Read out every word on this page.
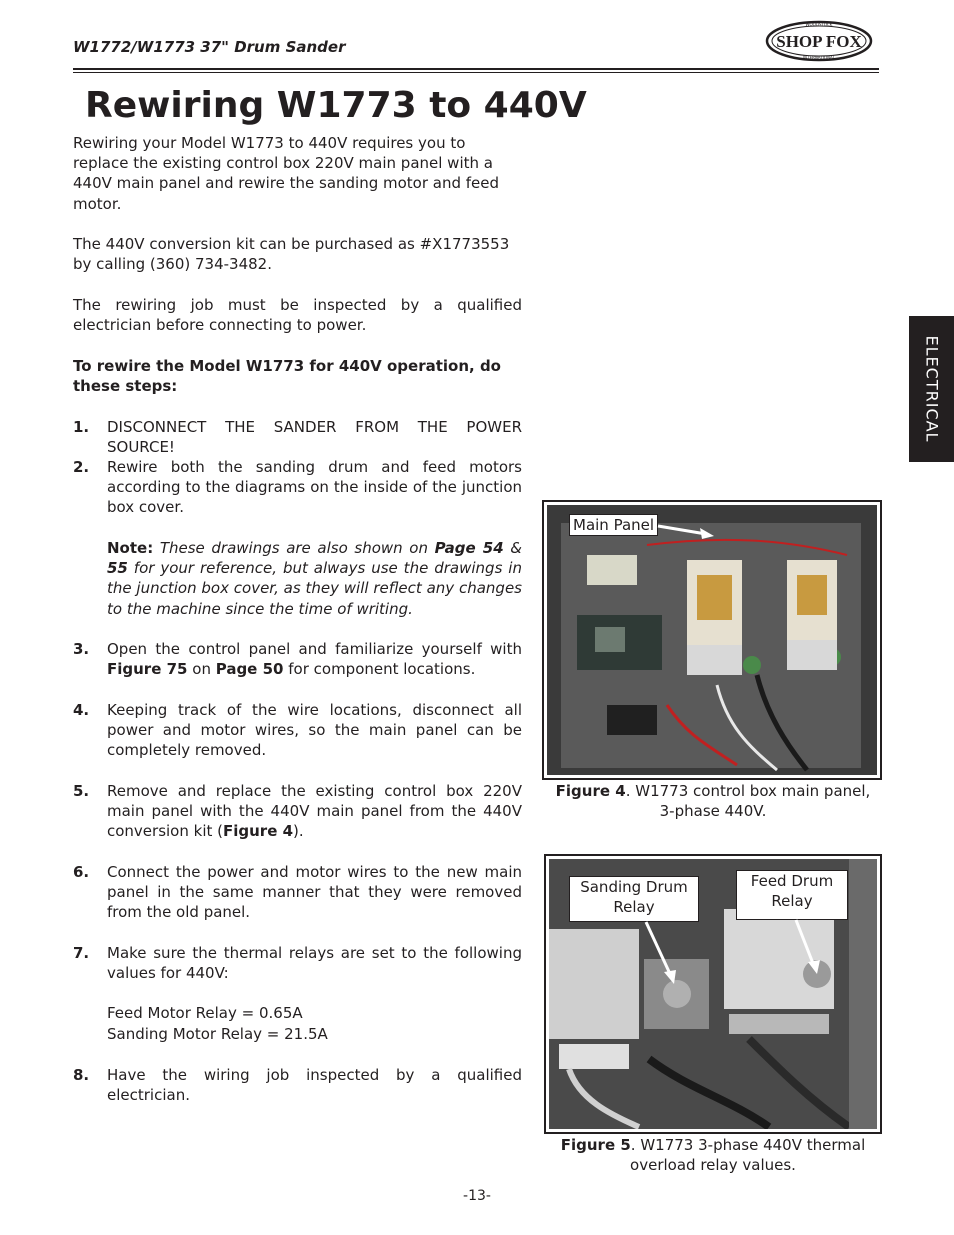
W1772/W1773 37" Drum Sander	SHOP FOX
WOODSTOCK
INTERNATIONAL
Rewiring W1773 to 440V
ELECTRICAL

Rewiring your Model W1773 to 440V requires you to replace the existing control box 220V main panel with a 440V main panel and rewire the sanding motor and feed motor.

The 440V conversion kit can be purchased as #X1773553 by calling (360) 734-3482.

The rewiring job must be inspected by a qualified electrician before connecting to power.

To rewire the Model W1773 for 440V operation, do these steps:

1. DISCONNECT THE SANDER FROM THE POWER SOURCE!
2. Rewire both the sanding drum and feed motors according to the diagrams on the inside of the junction box cover.
Note: These drawings are also shown on Page 54 & 55 for your reference, but always use the drawings in the junction box cover, as they will reflect any changes to the machine since the time of writing.
3. Open the control panel and familiarize yourself with Figure 75 on Page 50 for component locations.
4. Keeping track of the wire locations, disconnect all power and motor wires, so the main panel can be completely removed.
5. Remove and replace the existing control box 220V main panel with the 440V main panel from the 440V conversion kit (Figure 4).
6. Connect the power and motor wires to the new main panel in the same manner that they were removed from the old panel.
7. Make sure the thermal relays are set to the following values for 440V:
Feed Motor Relay = 0.65A
Sanding Motor Relay = 21.5A
8. Have the wiring job inspected by a qualified electrician.
Main Panel
Figure 4. W1773 control box main panel, 3-phase 440V.
Sanding Drum Relay
Feed Drum Relay
Figure 5. W1773 3-phase 440V thermal overload relay values.
-13-
